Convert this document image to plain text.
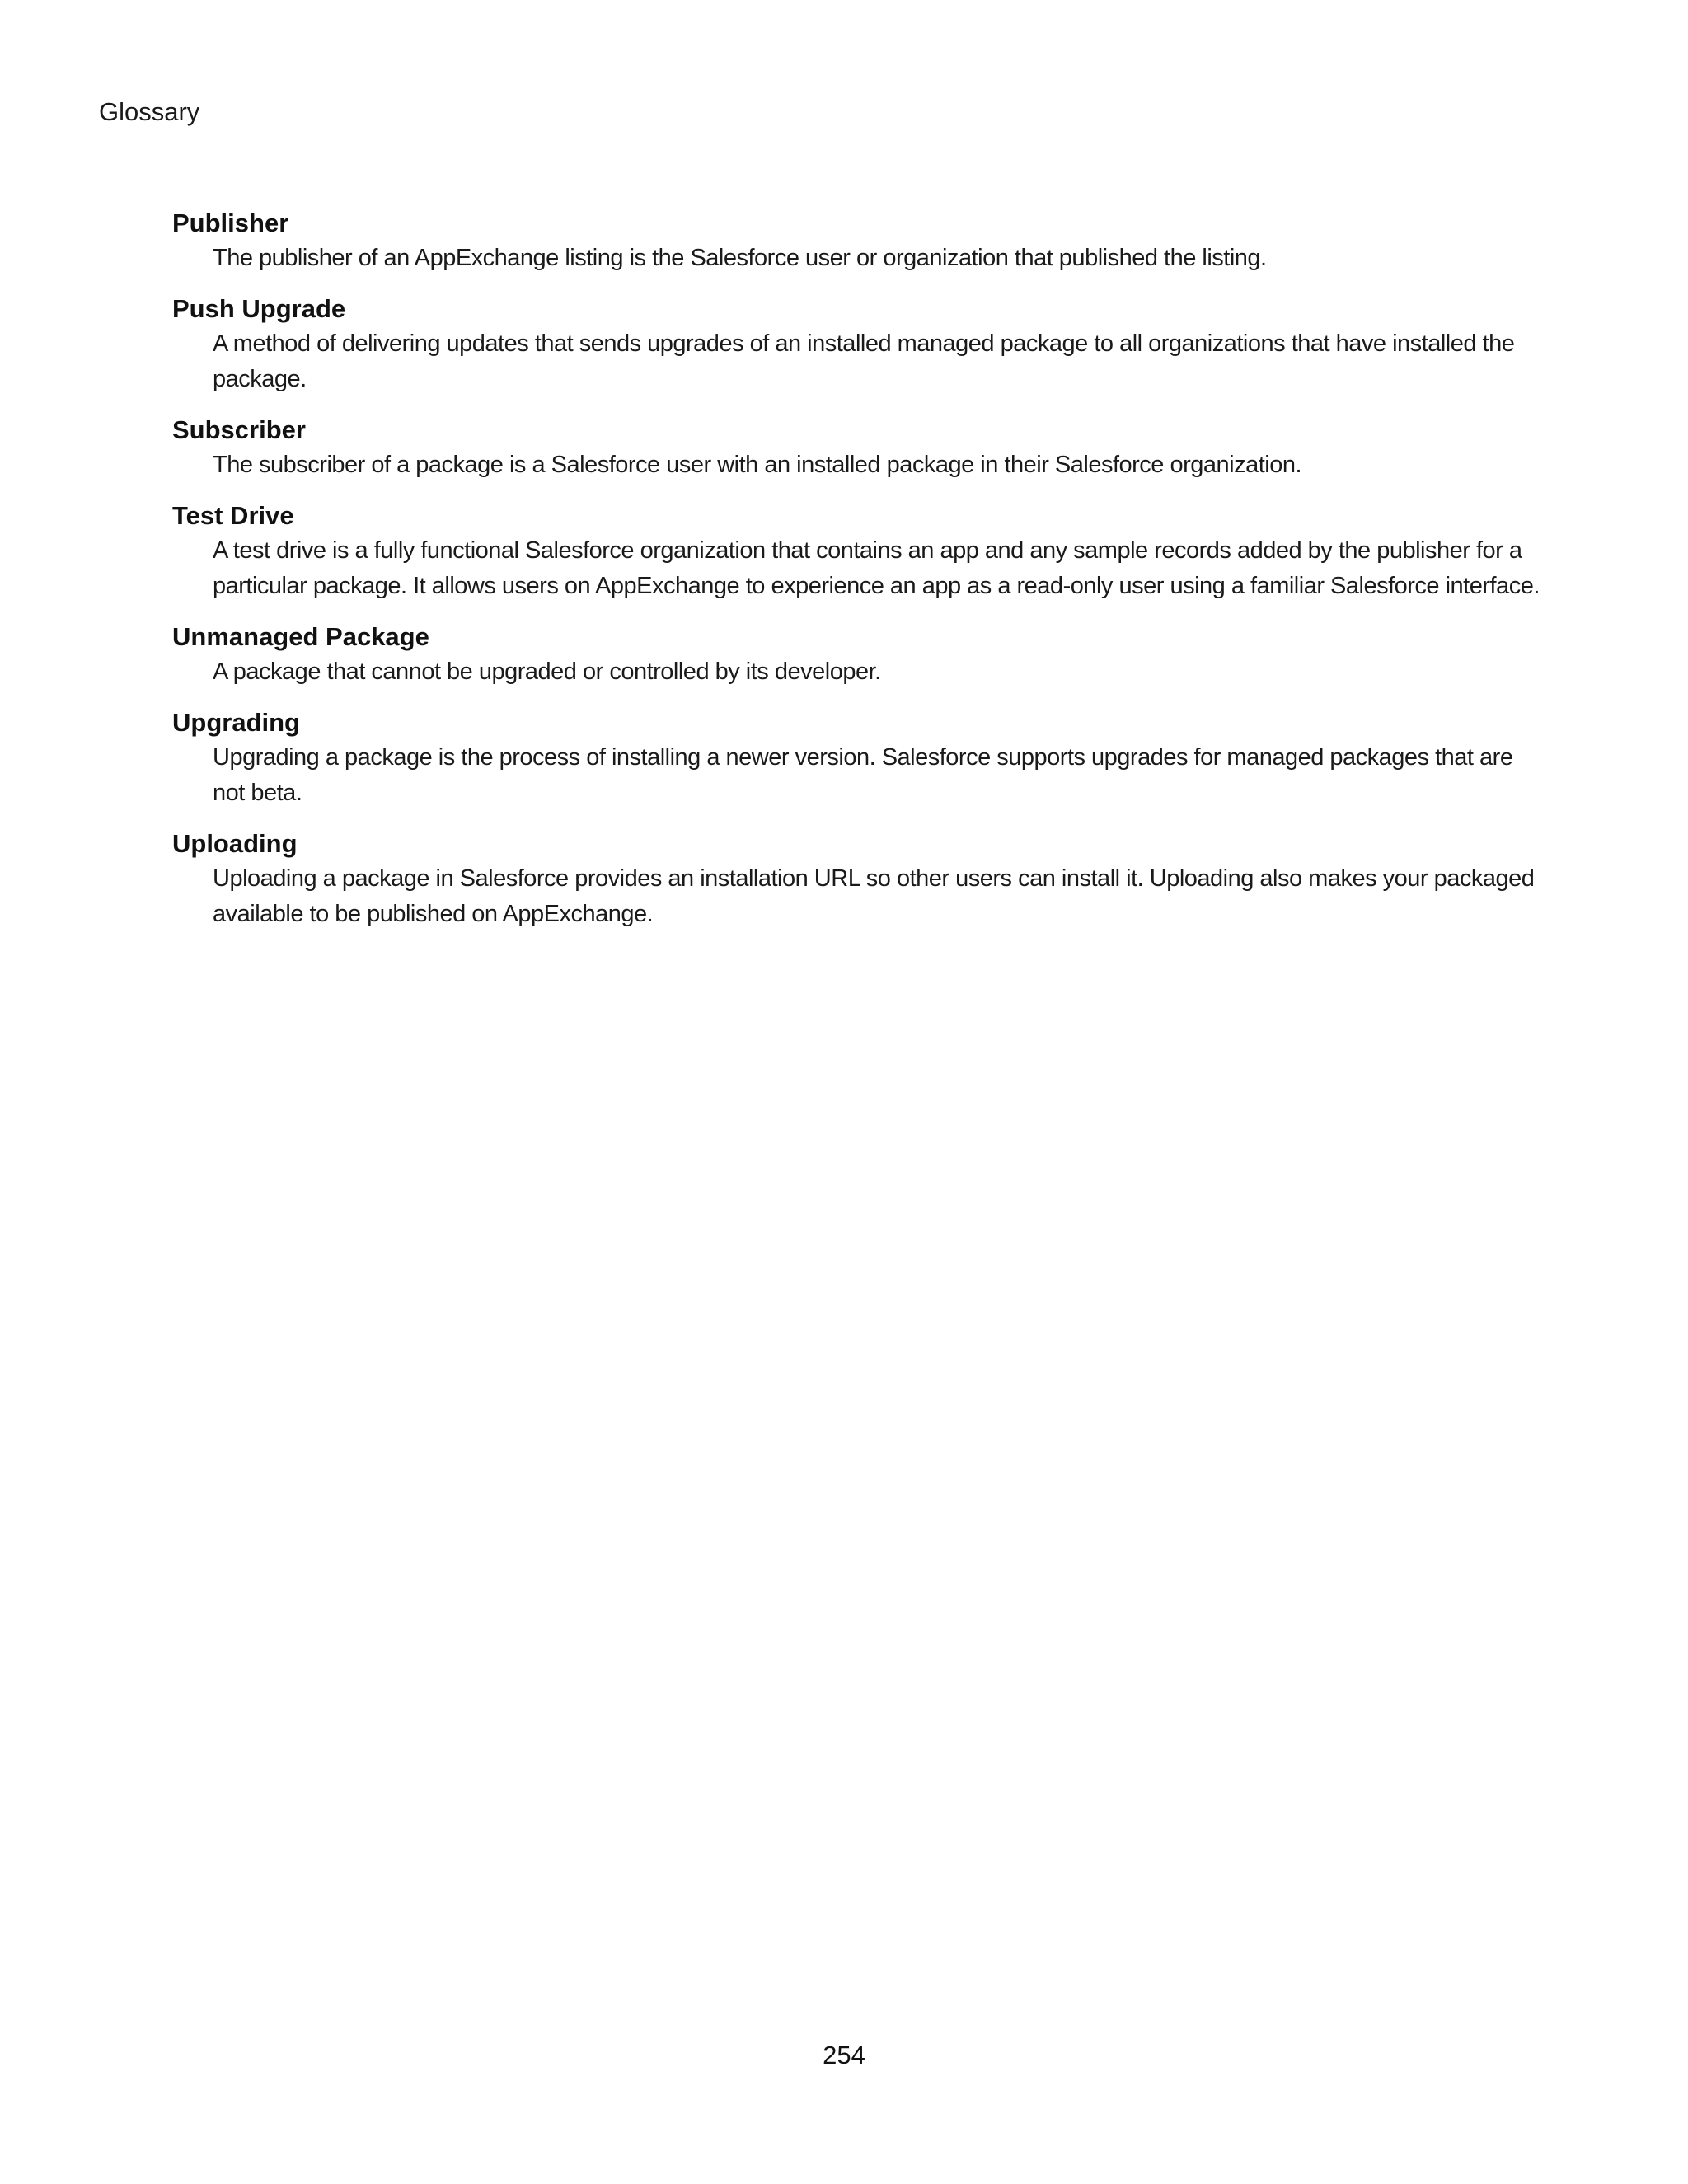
Glossary
Publisher
The publisher of an AppExchange listing is the Salesforce user or organization that published the listing.
Push Upgrade
A method of delivering updates that sends upgrades of an installed managed package to all organizations that have installed the package.
Subscriber
The subscriber of a package is a Salesforce user with an installed package in their Salesforce organization.
Test Drive
A test drive is a fully functional Salesforce organization that contains an app and any sample records added by the publisher for a particular package. It allows users on AppExchange to experience an app as a read-only user using a familiar Salesforce interface.
Unmanaged Package
A package that cannot be upgraded or controlled by its developer.
Upgrading
Upgrading a package is the process of installing a newer version. Salesforce supports upgrades for managed packages that are not beta.
Uploading
Uploading a package in Salesforce provides an installation URL so other users can install it. Uploading also makes your packaged available to be published on AppExchange.
254
